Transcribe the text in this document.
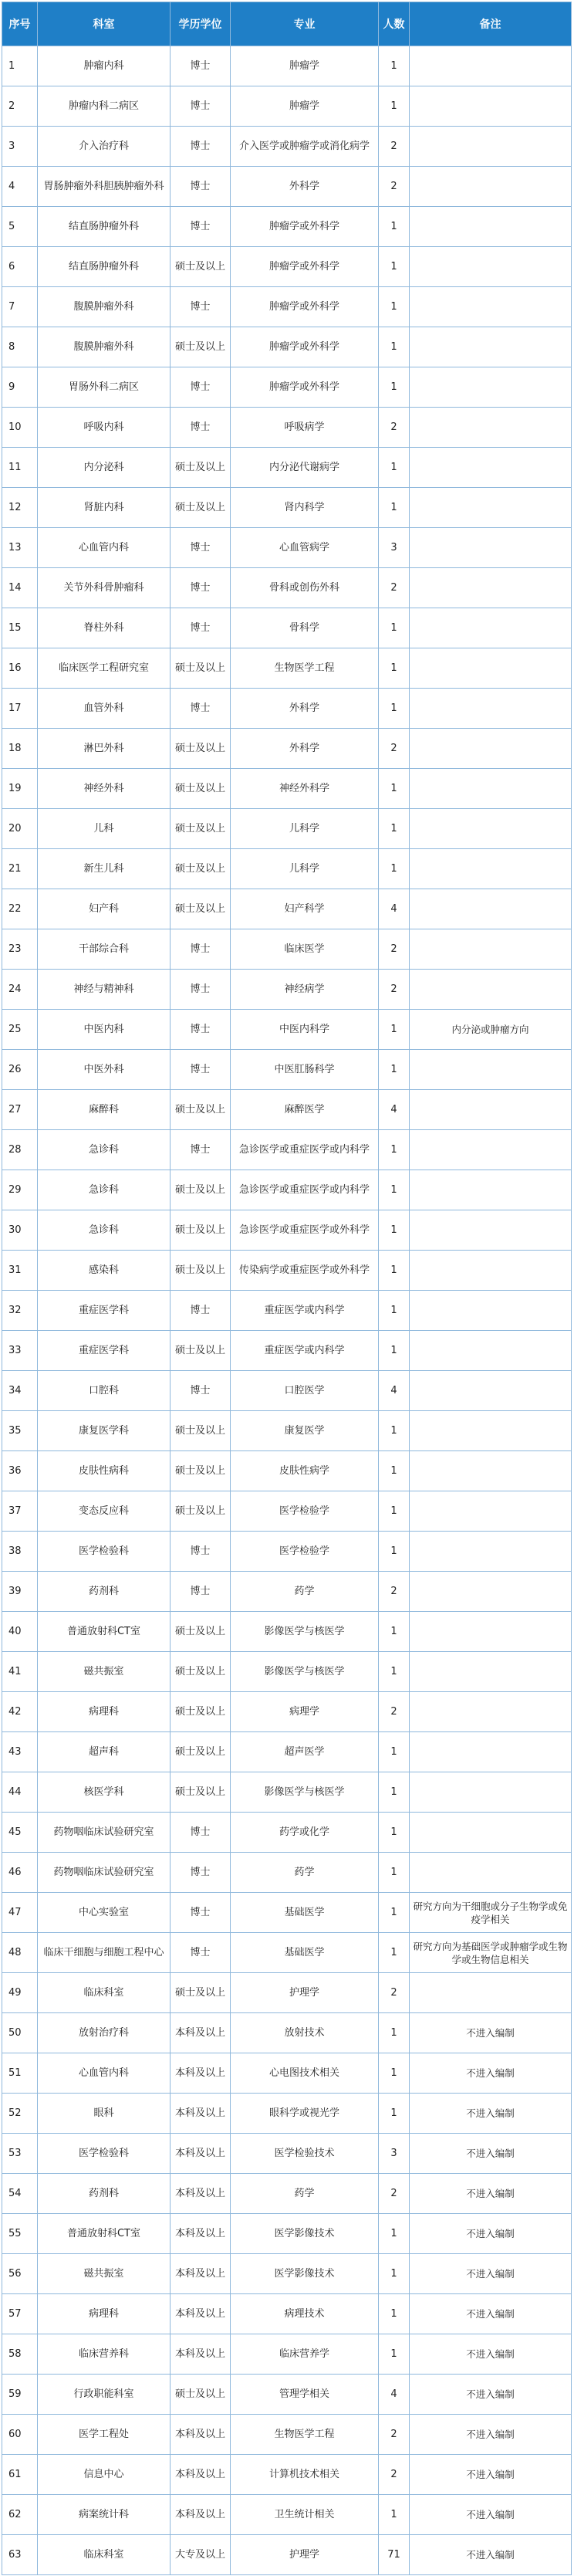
序号	科室	学历学位	专业	人数	备注
1	肿瘤内科	博士	肿瘤学	1	
2	肿瘤内科二病区	博士	肿瘤学	1	
3	介入治疗科	博士	介入医学或肿瘤学或消化病学	2	
4	胃肠肿瘤外科胆胰肿瘤外科	博士	外科学	2	
5	结直肠肿瘤外科	博士	肿瘤学或外科学	1	
6	结直肠肿瘤外科	硕士及以上	肿瘤学或外科学	1	
7	腹膜肿瘤外科	博士	肿瘤学或外科学	1	
8	腹膜肿瘤外科	硕士及以上	肿瘤学或外科学	1	
9	胃肠外科二病区	博士	肿瘤学或外科学	1	
10	呼吸内科	博士	呼吸病学	2	
11	内分泌科	硕士及以上	内分泌代谢病学	1	
12	肾脏内科	硕士及以上	肾内科学	1	
13	心血管内科	博士	心血管病学	3	
14	关节外科骨肿瘤科	博士	骨科或创伤外科	2	
15	脊柱外科	博士	骨科学	1	
16	临床医学工程研究室	硕士及以上	生物医学工程	1	
17	血管外科	博士	外科学	1	
18	淋巴外科	硕士及以上	外科学	2	
19	神经外科	硕士及以上	神经外科学	1	
20	儿科	硕士及以上	儿科学	1	
21	新生儿科	硕士及以上	儿科学	1	
22	妇产科	硕士及以上	妇产科学	4	
23	干部综合科	博士	临床医学	2	
24	神经与精神科	博士	神经病学	2	
25	中医内科	博士	中医内科学	1	内分泌或肿瘤方向
26	中医外科	博士	中医肛肠科学	1	
27	麻醉科	硕士及以上	麻醉医学	4	
28	急诊科	博士	急诊医学或重症医学或内科学	1	
29	急诊科	硕士及以上	急诊医学或重症医学或内科学	1	
30	急诊科	硕士及以上	急诊医学或重症医学或外科学	1	
31	感染科	硕士及以上	传染病学或重症医学或外科学	1	
32	重症医学科	博士	重症医学或内科学	1	
33	重症医学科	硕士及以上	重症医学或内科学	1	
34	口腔科	博士	口腔医学	4	
35	康复医学科	硕士及以上	康复医学	1	
36	皮肤性病科	硕士及以上	皮肤性病学	1	
37	变态反应科	硕士及以上	医学检验学	1	
38	医学检验科	博士	医学检验学	1	
39	药剂科	博士	药学	2	
40	普通放射科CT室	硕士及以上	影像医学与核医学	1	
41	磁共振室	硕士及以上	影像医学与核医学	1	
42	病理科	硕士及以上	病理学	2	
43	超声科	硕士及以上	超声医学	1	
44	核医学科	硕士及以上	影像医学与核医学	1	
45	药物咽临床试验研究室	博士	药学或化学	1	
46	药物咽临床试验研究室	博士	药学	1	
47	中心实验室	博士	基础医学	1	研究方向为干细胞或分子生物学或免疫学相关
48	临床干细胞与细胞工程中心	博士	基础医学	1	研究方向为基础医学或肿瘤学或生物学或生物信息相关
49	临床科室	硕士及以上	护理学	2	
50	放射治疗科	本科及以上	放射技术	1	不进入编制
51	心血管内科	本科及以上	心电图技术相关	1	不进入编制
52	眼科	本科及以上	眼科学或视光学	1	不进入编制
53	医学检验科	本科及以上	医学检验技术	3	不进入编制
54	药剂科	本科及以上	药学	2	不进入编制
55	普通放射科CT室	本科及以上	医学影像技术	1	不进入编制
56	磁共振室	本科及以上	医学影像技术	1	不进入编制
57	病理科	本科及以上	病理技术	1	不进入编制
58	临床营养科	本科及以上	临床营养学	1	不进入编制
59	行政职能科室	硕士及以上	管理学相关	4	不进入编制
60	医学工程处	本科及以上	生物医学工程	2	不进入编制
61	信息中心	本科及以上	计算机技术相关	2	不进入编制
62	病案统计科	本科及以上	卫生统计相关	1	不进入编制
63	临床科室	大专及以上	护理学	71	不进入编制
